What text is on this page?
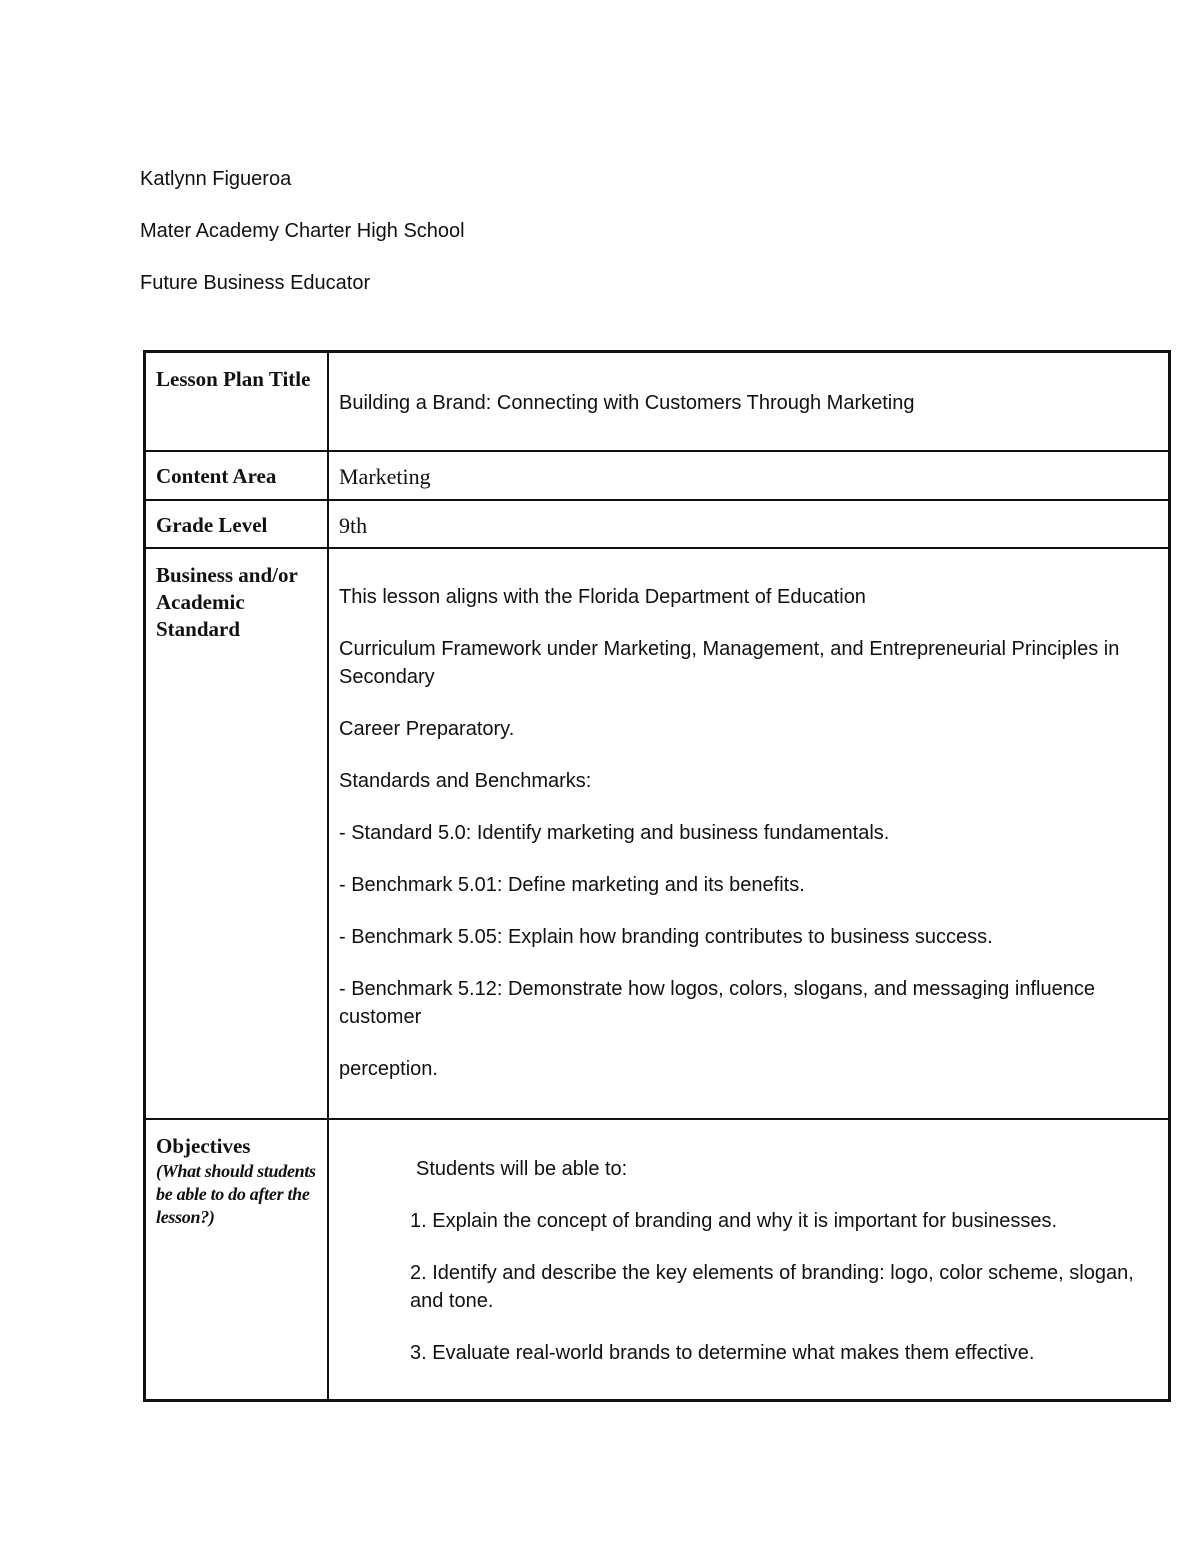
Katlynn Figueroa
Mater Academy Charter High School
Future Business Educator
Lesson Plan Title
Building a Brand: Connecting with Customers Through Marketing
Content Area	Marketing
Grade Level	9th
Business and/or Academic Standard

This lesson aligns with the Florida Department of Education

Curriculum Framework under Marketing, Management, and Entrepreneurial Principles in Secondary

Career Preparatory.

Standards and Benchmarks:

- Standard 5.0: Identify marketing and business fundamentals.

- Benchmark 5.01: Define marketing and its benefits.

- Benchmark 5.05: Explain how branding contributes to business success.

- Benchmark 5.12: Demonstrate how logos, colors, slogans, and messaging influence customer

perception.

Objectives
(What should students be able to do after the lesson?)

Students will be able to:

1. Explain the concept of branding and why it is important for businesses.

2. Identify and describe the key elements of branding: logo, color scheme, slogan, and tone.

3. Evaluate real-world brands to determine what makes them effective.
